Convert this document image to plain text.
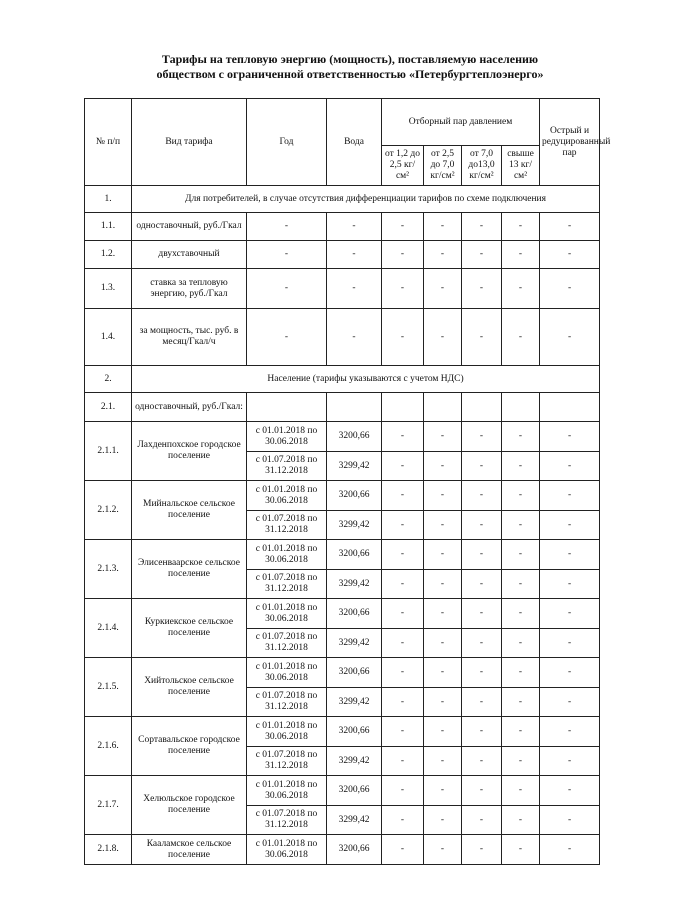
Тарифы на тепловую энергию (мощность), поставляемую населению
обществом с ограниченной ответственностью «Петербургтеплоэнерго»
№ п/п	Вид тарифа	Год	Вода	Отборный пар давлением				Острый и редуцированный пар
				от 1,2 до 2,5 кг/см²	от 2,5 до 7,0 кг/см²	от 7,0 до13,0 кг/см²	свыше 13 кг/см²	
1.	Для потребителей, в случае отсутствия дифференциации тарифов по схеме подключения							
1.1.	одноставочный, руб./Гкал	-	-	-	-	-	-	-
1.2.	двухставочный	-	-	-	-	-	-	-
1.3.	ставка за тепловую энергию, руб./Гкал	-	-	-	-	-	-	-
1.4.	за мощность, тыс. руб. в месяц/Гкал/ч	-	-	-	-	-	-	-
2.	Население (тарифы указываются с учетом НДС)							
2.1.	одноставочный, руб./Гкал:							
2.1.1.	Лахденпохское городское поселение	с 01.01.2018 по 30.06.2018	3200,66	-	-	-	-	-
		с 01.07.2018 по 31.12.2018	3299,42	-	-	-	-	-
2.1.2.	Мийнальское сельское поселение	с 01.01.2018 по 30.06.2018	3200,66	-	-	-	-	-
		с 01.07.2018 по 31.12.2018	3299,42	-	-	-	-	-
2.1.3.	Элисенваарское сельское поселение	с 01.01.2018 по 30.06.2018	3200,66	-	-	-	-	-
		с 01.07.2018 по 31.12.2018	3299,42	-	-	-	-	-
2.1.4.	Куркиекское сельское поселение	с 01.01.2018 по 30.06.2018	3200,66	-	-	-	-	-
		с 01.07.2018 по 31.12.2018	3299,42	-	-	-	-	-
2.1.5.	Хийтольское сельское поселение	с 01.01.2018 по 30.06.2018	3200,66	-	-	-	-	-
		с 01.07.2018 по 31.12.2018	3299,42	-	-	-	-	-
2.1.6.	Сортавальское городское поселение	с 01.01.2018 по 30.06.2018	3200,66	-	-	-	-	-
		с 01.07.2018 по 31.12.2018	3299,42	-	-	-	-	-
2.1.7.	Хелюльское городское поселение	с 01.01.2018 по 30.06.2018	3200,66	-	-	-	-	-
		с 01.07.2018 по 31.12.2018	3299,42	-	-	-	-	-
2.1.8.	Кааламское сельское поселение	с 01.01.2018 по 30.06.2018	3200,66	-	-	-	-	-
